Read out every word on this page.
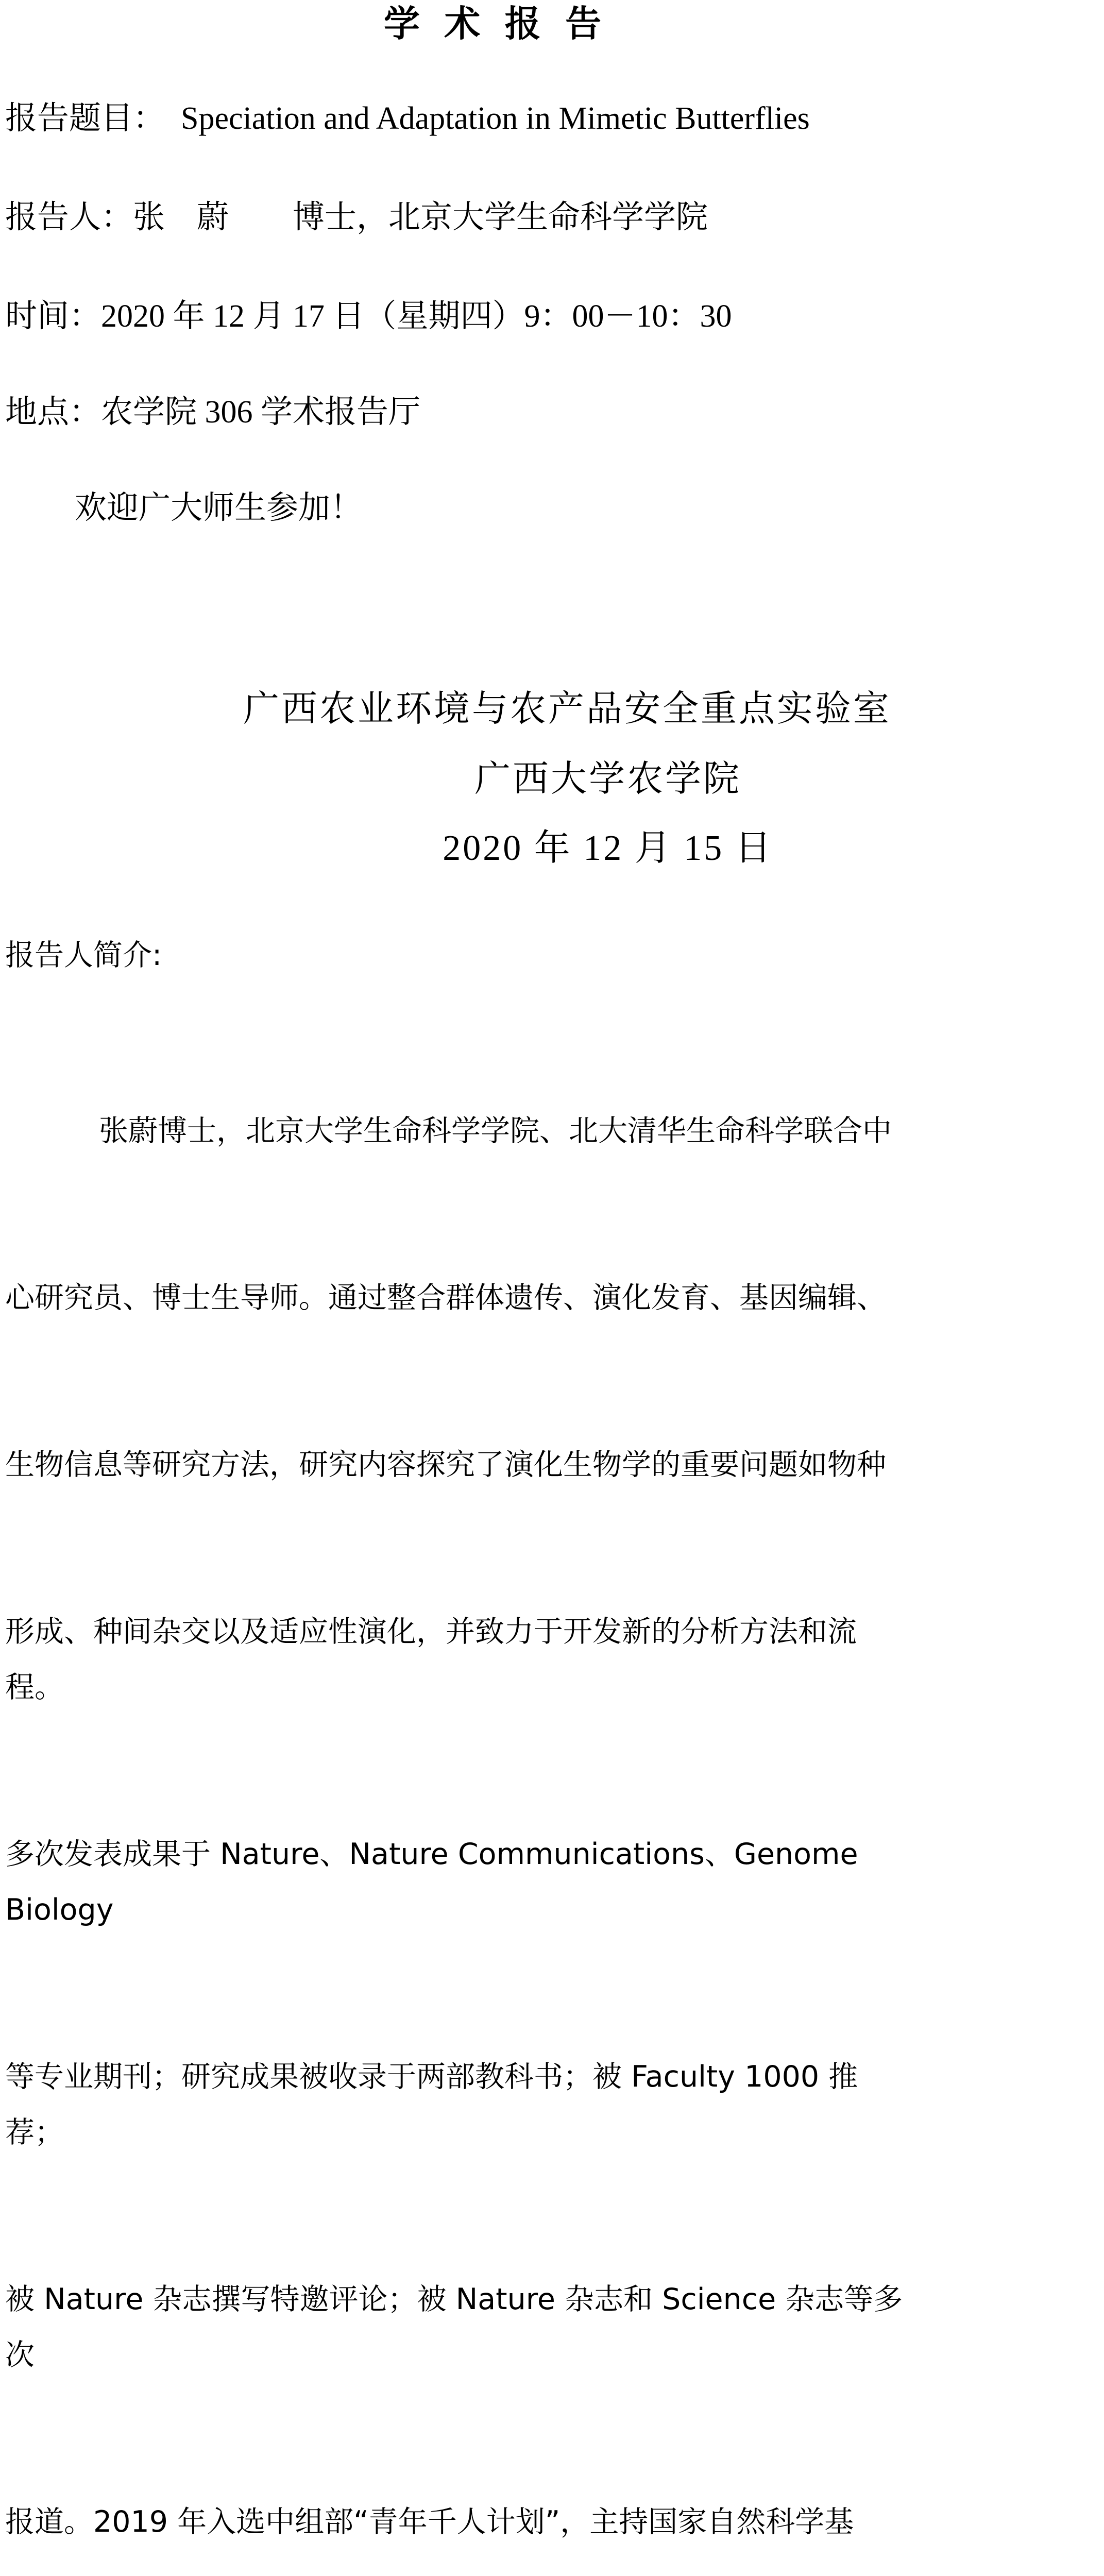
学 术 报 告
报告题目：　Speciation and Adaptation in Mimetic Butterflies
报告人：张　蔚　　博士，北京大学生命科学学院
时间：2020 年 12 月 17 日（星期四）9：00－10：30
地点：农学院 306 学术报告厅
欢迎广大师生参加！
广西农业环境与农产品安全重点实验室
广西大学农学院
2020 年 12 月 15 日
报告人简介:

张蔚博士，北京大学生命科学学院、北大清华生命科学联合中

心研究员、博士生导师。通过整合群体遗传、演化发育、基因编辑、

生物信息等研究方法，研究内容探究了演化生物学的重要问题如物种

形成、种间杂交以及适应性演化，并致力于开发新的分析方法和流程。

多次发表成果于 Nature、Nature Communications、Genome Biology

等专业期刊；研究成果被收录于两部教科书；被 Faculty 1000 推荐；

被 Nature 杂志撰写特邀评论；被 Nature 杂志和 Science 杂志等多次

报道。2019 年入选中组部“青年千人计划”，主持国家自然科学基
